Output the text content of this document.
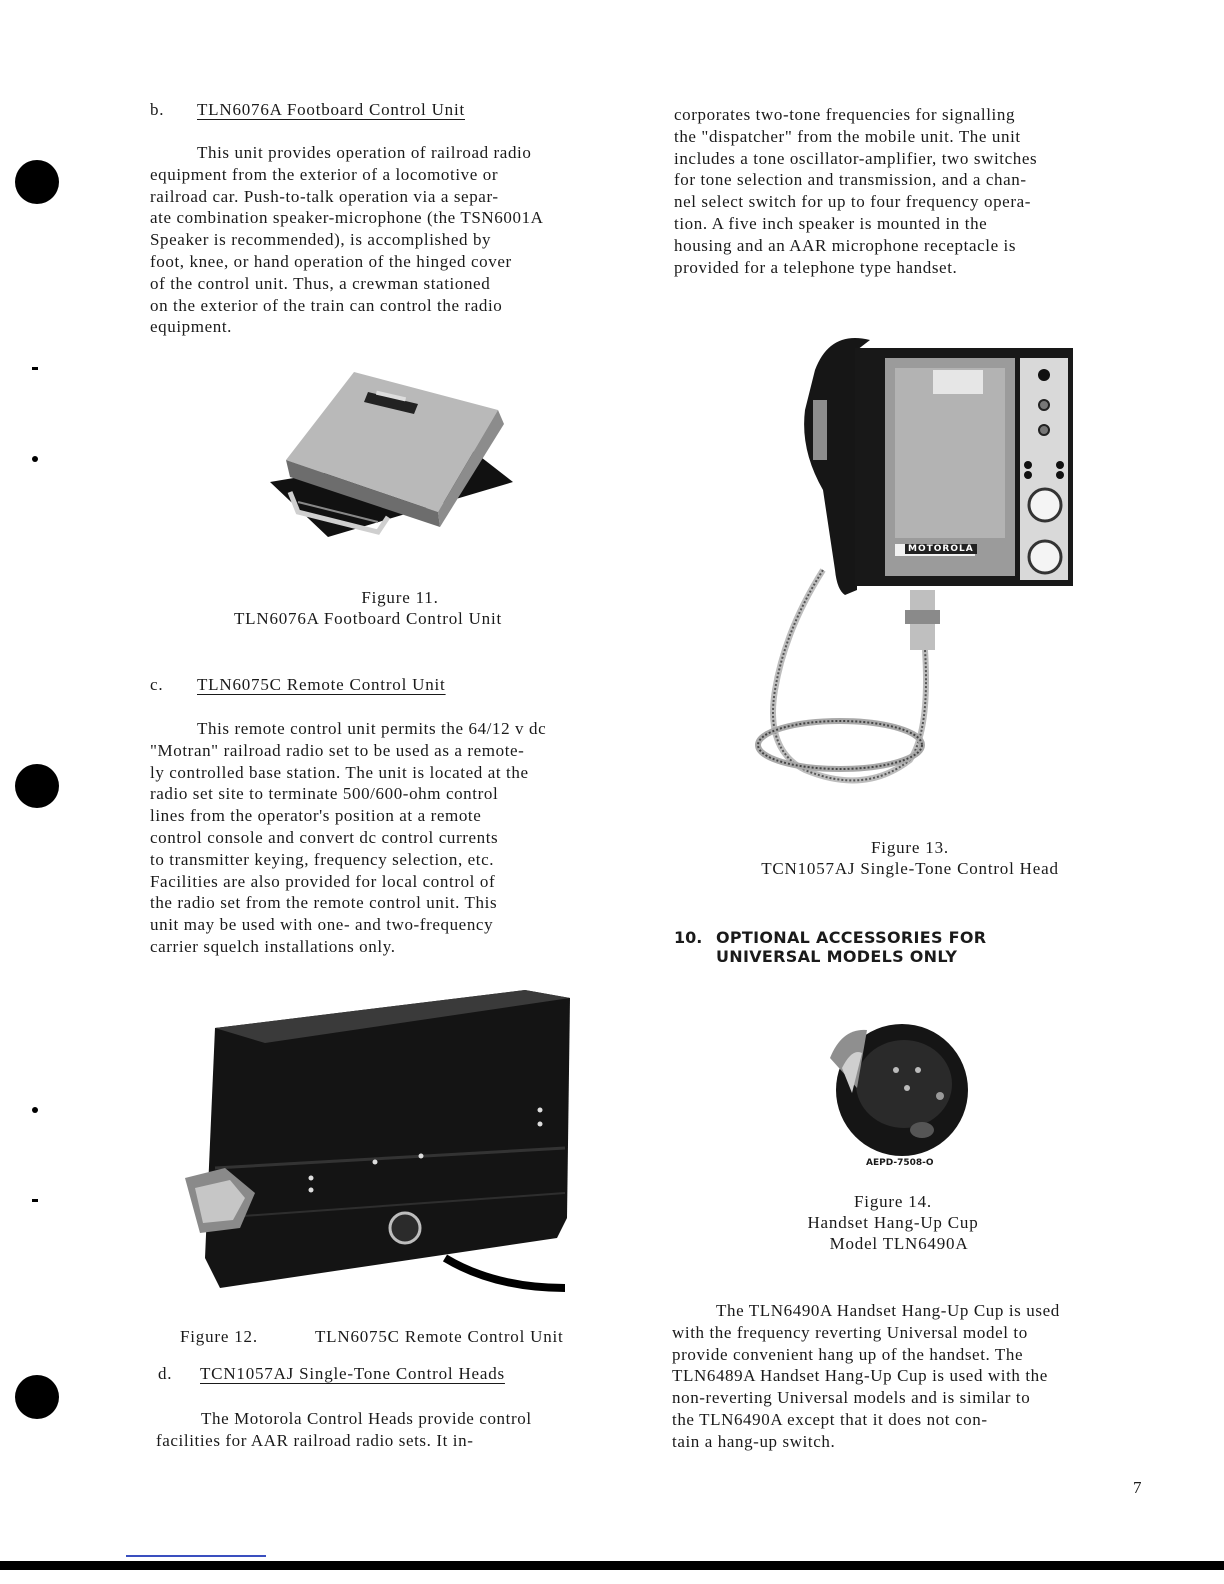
b. TLN6076A Footboard Control Unit
This unit provides operation of railroad radio
equipment from the exterior of a locomotive or
railroad car. Push-to-talk operation via a separ-
ate combination speaker-microphone (the TSN6001A
Speaker is recommended), is accomplished by
foot, knee, or hand operation of the hinged cover
of the control unit. Thus, a crewman stationed
on the exterior of the train can control the radio
equipment.
Figure 11.
TLN6076A Footboard Control Unit
c. TLN6075C Remote Control Unit
This remote control unit permits the 64/12 v dc
"Motran" railroad radio set to be used as a remote-
ly controlled base station. The unit is located at the
radio set site to terminate 500/600-ohm control
lines from the operator's position at a remote
control console and convert dc control currents
to transmitter keying, frequency selection, etc.
Facilities are also provided for local control of
the radio set from the remote control unit. This
unit may be used with one- and two-frequency
carrier squelch installations only.
Figure 12.	TLN6075C Remote Control Unit
d. TCN1057AJ Single-Tone Control Heads
The Motorola Control Heads provide control
facilities for AAR railroad radio sets. It in-
corporates two-tone frequencies for signalling
the "dispatcher" from the mobile unit. The unit
includes a tone oscillator-amplifier, two switches
for tone selection and transmission, and a chan-
nel select switch for up to four frequency opera-
tion. A five inch speaker is mounted in the
housing and an AAR microphone receptacle is
provided for a telephone type handset.
MOTOROLA
Figure 13.
TCN1057AJ Single-Tone Control Head
10. OPTIONAL ACCESSORIES FOR
UNIVERSAL MODELS ONLY
AEPD-7508-O
Figure 14.
Handset Hang-Up Cup
Model TLN6490A
The TLN6490A Handset Hang-Up Cup is used
with the frequency reverting Universal model to
provide convenient hang up of the handset. The
TLN6489A Handset Hang-Up Cup is used with the
non-reverting Universal models and is similar to
the TLN6490A except that it does not con-
tain a hang-up switch.
7
